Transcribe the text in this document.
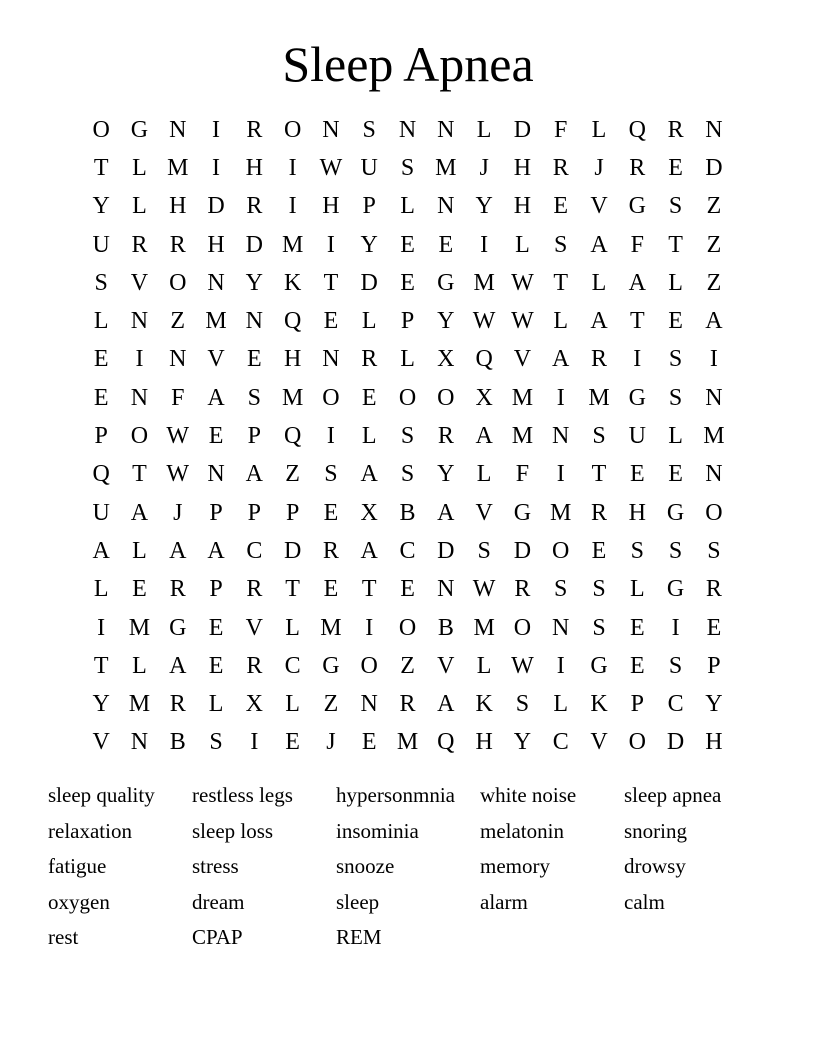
Sleep Apnea
O G N	I	R O N S N N L D F	L Q R N
T L M I	H	I W U S M J	H R	J	R E D
Y L H D R	I	H P	L N Y H E V G S	Z
U R R H D M I	Y E E	I	L	S A F	T Z
S V O N Y K T D E G M W T L A L Z
L N Z M N Q E L	P Y W W L A T E A
E	I	N V E H N R L X Q V A R	I	S	I
E N F A S M O E O O X M I M G S N
P O W E	P Q	I	L	S R A M N S U L M
Q T W N A Z	S A S Y L	F	I	T E E N
U A	J	P	P	P	E X B A V G M R H G O
A L A A C D R A C D S D O E	S	S	S
L E R P R T E T E N W R S	S	L G R
I M G E V L M I	O B M O N S	E	I	E
T L A E R C G O Z V L W I	G E	S	P
Y M R L X L Z N R A K S	L K P C Y
V N B S	I	E	J	E M Q H Y C V O D H
sleep quality	restless legs	hypersonmnia	white noise	sleep apnea
relaxation	sleep loss	insominia	melatonin	snoring
fatigue	stress	snooze	memory	drowsy
oxygen	dream	sleep	alarm	calm
rest	CPAP	REM
